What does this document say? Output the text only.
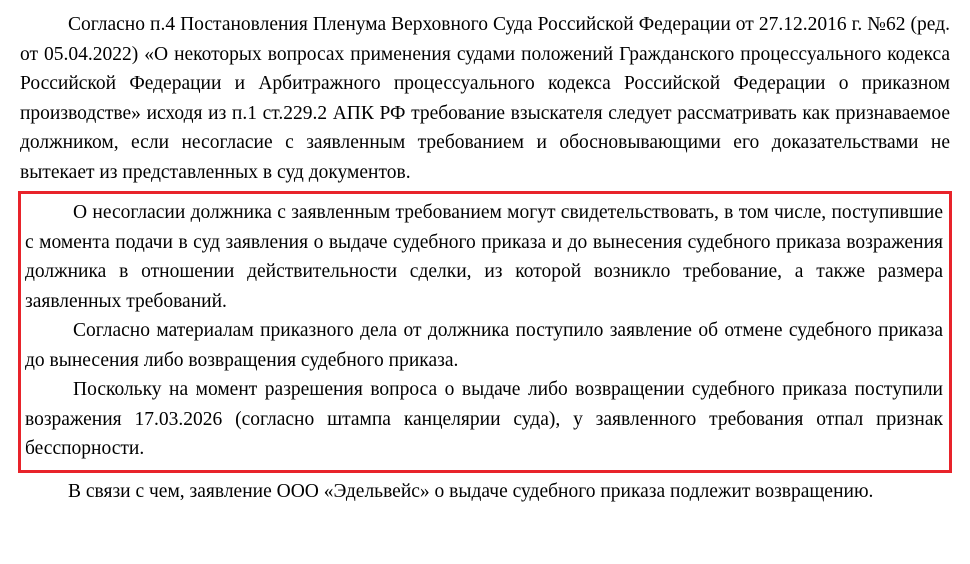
Согласно п.4 Постановления Пленума Верховного Суда Российской Федерации от 27.12.2016 г. №62 (ред. от 05.04.2022) «О некоторых вопросах применения судами положений Гражданского процессуального кодекса Российской Федерации и Арбитражного процессуального кодекса Российской Федерации о приказном производстве» исходя из п.1 ст.229.2 АПК РФ требование взыскателя следует рассматривать как признаваемое должником, если несогласие с заявленным требованием и обосновывающими его доказательствами не вытекает из представленных в суд документов.

О несогласии должника с заявленным требованием могут свидетельствовать, в том числе, поступившие с момента подачи в суд заявления о выдаче судебного приказа и до вынесения судебного приказа возражения должника в отношении действительности сделки, из которой возникло требование, а также размера заявленных требований.

Согласно материалам приказного дела от должника поступило заявление об отмене судебного приказа до вынесения либо возвращения судебного приказа.

Поскольку на момент разрешения вопроса о выдаче либо возвращении судебного приказа поступили возражения 17.03.2026 (согласно штампа канцелярии суда), у заявленного требования отпал признак бесспорности.

В связи с чем, заявление ООО «Эдельвейс» о выдаче судебного приказа подлежит возвращению.
